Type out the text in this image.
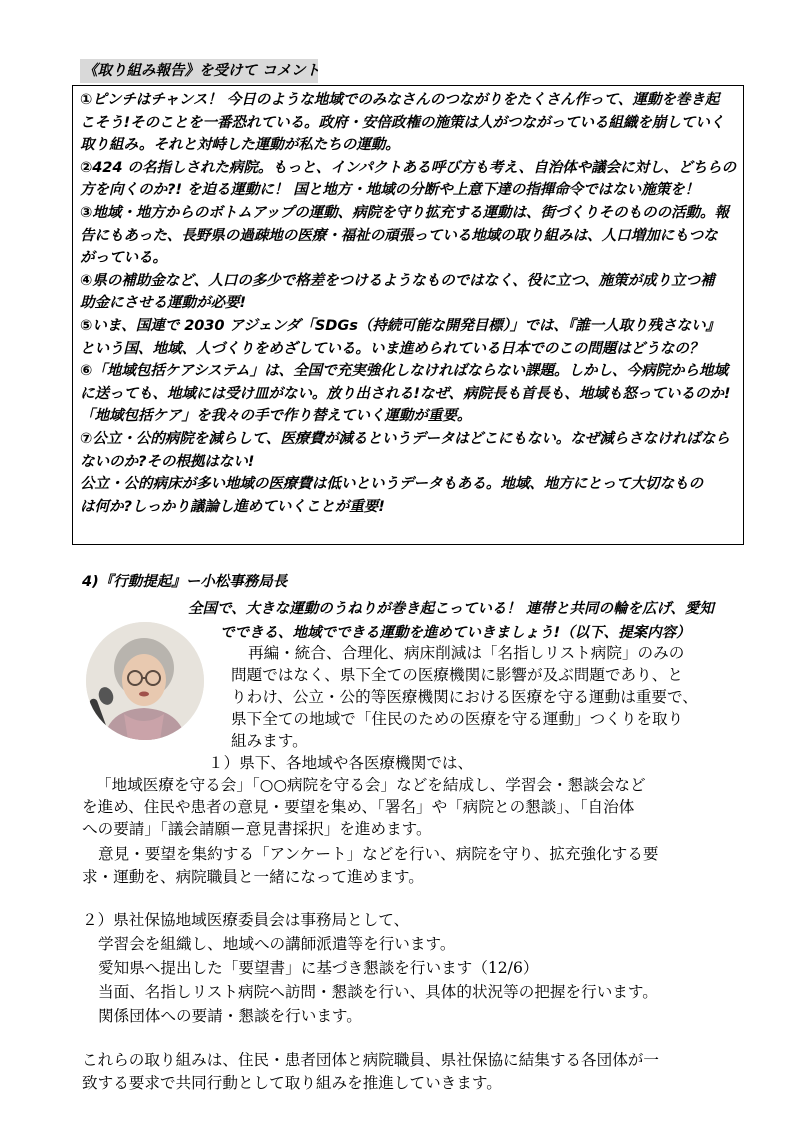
《取り組み報告》を受けて コメント
①ピンチはチャンス！ 今日のような地域でのみなさんのつながりをたくさん作って、運動を巻き起
こそう!そのことを一番恐れている。政府・安倍政権の施策は人がつながっている組織を崩していく
取り組み。それと対峙した運動が私たちの運動。
②424 の名指しされた病院。もっと、インパクトある呼び方も考え、自治体や議会に対し、どちらの
方を向くのか?! を迫る運動に！ 国と地方・地域の分断や上意下達の指揮命令ではない施策を！
③地域・地方からのボトムアップの運動、病院を守り拡充する運動は、街づくりそのものの活動。報
告にもあった、長野県の過疎地の医療・福祉の頑張っている地域の取り組みは、人口増加にもつな
がっている。
④県の補助金など、人口の多少で格差をつけるようなものではなく、役に立つ、施策が成り立つ補
助金にさせる運動が必要!
⑤いま、国連で 2030 アジェンダ「SDGs（持続可能な開発目標）」では、『誰一人取り残さない』
という国、地域、人づくりをめざしている。いま進められている日本でのこの問題はどうなの？
⑥「地域包括ケアシステム」は、全国で充実強化しなければならない課題。しかし、今病院から地域
に送っても、地域には受け皿がない。放り出される!なぜ、病院長も首長も、地域も怒っているのか!
「地域包括ケア」を我々の手で作り替えていく運動が重要。
⑦公立・公的病院を減らして、医療費が減るというデータはどこにもない。なぜ減らさなければなら
ないのか?その根拠はない!
公立・公的病床が多い地域の医療費は低いというデータもある。地域、地方にとって大切なもの
は何か?しっかり議論し進めていくことが重要!
4)『行動提起』ー小松事務局長
全国で、大きな運動のうねりが巻き起こっている！ 連帯と共同の輪を広げ、愛知
でできる、地域でできる運動を進めていきましょう!（以下、提案内容）
再編・統合、合理化、病床削減は「名指しリスト病院」のみの
問題ではなく、県下全ての医療機関に影響が及ぶ問題であり、と
りわけ、公立・公的等医療機関における医療を守る運動は重要で、
県下全ての地域で「住民のための医療を守る運動」つくりを取り
組みます。
１）県下、各地域や各医療機関では、
「地域医療を守る会」「○○病院を守る会」などを結成し、学習会・懇談会など
を進め、住民や患者の意見・要望を集め、「署名」や「病院との懇談」、「自治体
への要請」「議会請願ー意見書採択」を進めます。
意見・要望を集約する「アンケート」などを行い、病院を守り、拡充強化する要
求・運動を、病院職員と一緒になって進めます。
２）県社保協地域医療委員会は事務局として、
学習会を組織し、地域への講師派遣等を行います。
愛知県へ提出した「要望書」に基づき懇談を行います（12/6）
当面、名指しリスト病院へ訪問・懇談を行い、具体的状況等の把握を行います。
関係団体への要請・懇談を行います。
これらの取り組みは、住民・患者団体と病院職員、県社保協に結集する各団体が一
致する要求で共同行動として取り組みを推進していきます。
